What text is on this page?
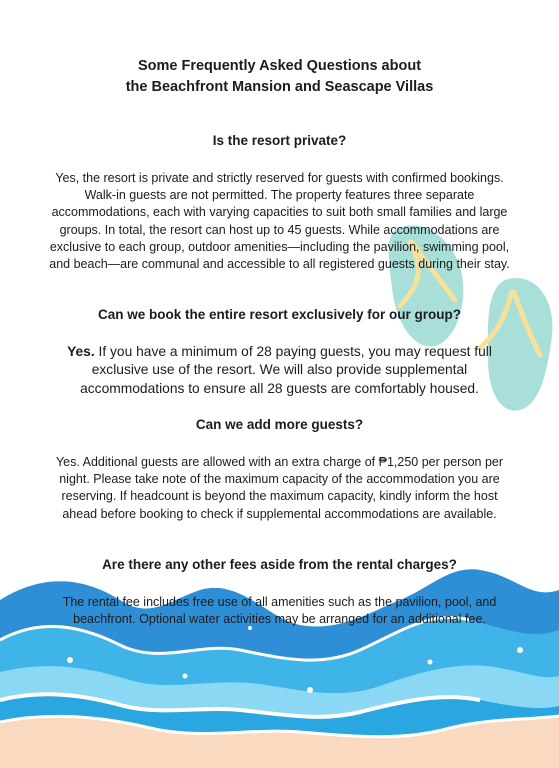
Some Frequently Asked Questions about
the Beachfront Mansion and Seascape Villas
Is the resort private?
Yes, the resort is private and strictly reserved for guests with confirmed bookings. Walk-in guests are not permitted. The property features three separate accommodations, each with varying capacities to suit both small families and large groups. In total, the resort can host up to 45 guests. While accommodations are exclusive to each group, outdoor amenities—including the pavilion, swimming pool, and beach—are communal and accessible to all registered guests during their stay.
Can we book the entire resort exclusively for our group?
Yes. If you have a minimum of 28 paying guests, you may request full exclusive use of the resort. We will also provide supplemental accommodations to ensure all 28 guests are comfortably housed.
Can we add more guests?
Yes. Additional guests are allowed with an extra charge of ₱1,250 per person per night. Please take note of the maximum capacity of the accommodation you are reserving. If headcount is beyond the maximum capacity, kindly inform the host ahead before booking to check if supplemental accommodations are available.
Are there any other fees aside from the rental charges?
The rental fee includes free use of all amenities such as the pavilion, pool, and beachfront. Optional water activities may be arranged for an additional fee.
